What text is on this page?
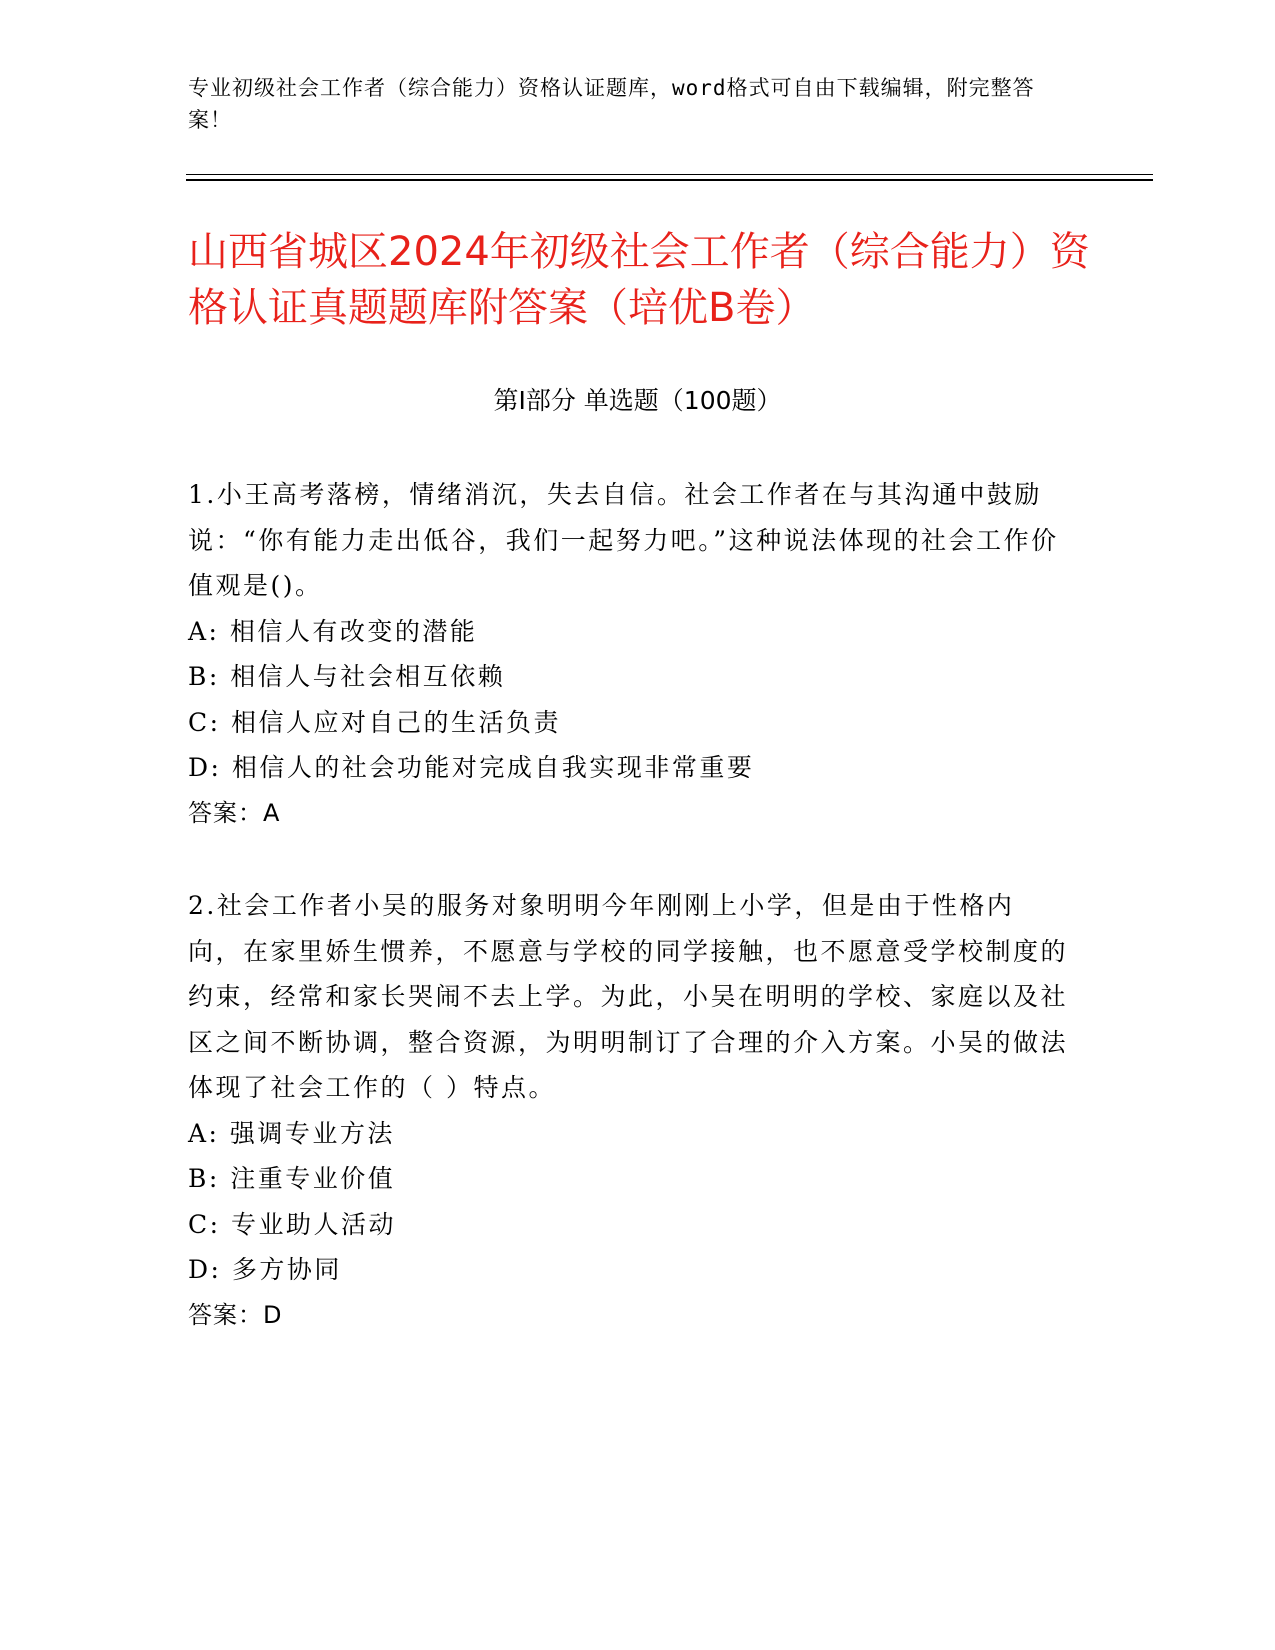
专业初级社会工作者（综合能力）资格认证题库，word格式可自由下载编辑，附完整答案！
山西省城区2024年初级社会工作者（综合能力）资格认证真题题库附答案（培优B卷）
第Ⅰ部分 单选题（100题）
1.小王高考落榜，情绪消沉，失去自信。社会工作者在与其沟通中鼓励说：“你有能力走出低谷，我们一起努力吧。”这种说法体现的社会工作价值观是()。
A: 相信人有改变的潜能
B: 相信人与社会相互依赖
C: 相信人应对自己的生活负责
D: 相信人的社会功能对完成自我实现非常重要
答案：A
2.社会工作者小吴的服务对象明明今年刚刚上小学，但是由于性格内向，在家里娇生惯养，不愿意与学校的同学接触，也不愿意受学校制度的约束，经常和家长哭闹不去上学。为此，小吴在明明的学校、家庭以及社区之间不断协调，整合资源，为明明制订了合理的介入方案。小吴的做法体现了社会工作的（ ）特点。
A: 强调专业方法
B: 注重专业价值
C: 专业助人活动
D: 多方协同
答案：D
